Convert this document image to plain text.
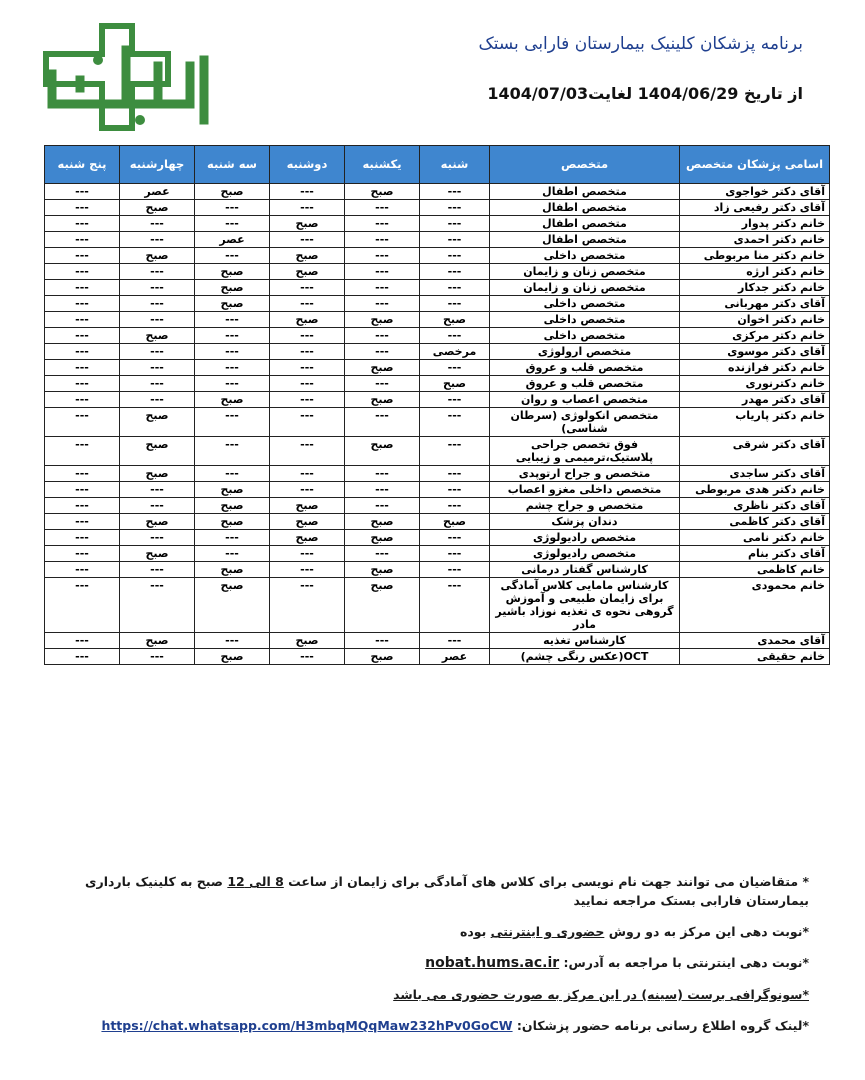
برنامه پزشکان کلینیک بیمارستان فارابی بستک
از تاریخ 1404/06/29 لغایت1404/07/03
اسامی پزشکان متخصص	متخصص	شنبه	یکشنبه	دوشنبه	سه شنبه	چهارشنبه	پنج شنبه
آقای دکتر خواجوی	متخصص اطفال	---	صبح	---	صبح	عصر	---
آقای دکتر رفیعی زاد	متخصص اطفال	---	---	---	---	صبح	---
خانم دکتر پدوار	متخصص اطفال	---	---	صبح	---	---	---
خانم دکتر احمدی	متخصص اطفال	---	---	---	عصر	---	---
خانم دکتر منا مربوطی	متخصص داخلی	---	---	صبح	---	صبح	---
خانم دکتر ارژه	متخصص زنان و زایمان	---	---	صبح	صبح	---	---
خانم دکتر جدکار	متخصص زنان و زایمان	---	---	---	صبح	---	---
آقای دکتر مهربانی	متخصص داخلی	---	---	---	صبح	---	---
خانم دکتر اخوان	متخصص داخلی	صبح	صبح	صبح	---	---	---
خانم دکتر مرکزی	متخصص داخلی	---	---	---	---	صبح	---
آقای دکتر موسوی	متخصص ارولوژی	مرخصی	---	---	---	---	---
خانم دکتر فرازنده	متخصص قلب و عروق	---	صبح	---	---	---	---
خانم دکترنوری	متخصص قلب و عروق	صبح	---	---	---	---	---
آقای دکتر مهدر	متخصص اعصاب و روان	---	صبح	---	صبح	---	---
خانم دکتر پاریاب	متخصص انکولوژی (سرطان شناسی)	---	---	---	---	صبح	---
آقای دکتر شرقی	فوق تخصص جراحی پلاستیک،ترمیمی و زیبایی	---	صبح	---	---	صبح	---
آقای دکتر ساجدی	متخصص و جراح ارتوپدی	---	---	---	---	صبح	---
خانم دکتر هدی مربوطی	متخصص داخلی مغزو اعصاب	---	---	---	صبح	---	---
آقای دکتر ناظری	متخصص و جراح چشم	---	---	صبح	صبح	---	---
آقای دکتر کاظمی	دندان پزشک	صبح	صبح	صبح	صبح	صبح	---
خانم دکتر نامی	متخصص رادیولوژی	---	صبح	صبح	---	---	---
آقای دکتر بنام	متخصص رادیولوژی	---	---	---	---	صبح	---
خانم کاظمی	کارشناس گفتار درمانی	---	صبح	---	صبح	---	---
خانم محمودی	کارشناس مامایی کلاس آمادگی برای زایمان طبیعی و آموزش گروهی نحوه ی تغذیه نوزاد باشیر مادر	---	صبح	---	صبح	---	---
آقای محمدی	کارشناس تغذیه	---	---	صبح	---	صبح	---
خانم حقیقی	OCT(عکس رنگی چشم)	عصر	صبح	---	صبح	---	---
* متقاضیان می توانند جهت نام نویسی برای کلاس های آمادگی برای زایمان از ساعت 8 الی 12 صبح به کلینیک بارداری بیمارستان فارابی بستک مراجعه نمایید
*نوبت دهی این مرکز به دو روش حضوری و اینترنتی بوده
*نوبت دهی اینترنتی با مراجعه به آدرس: nobat.hums.ac.ir
*سونوگرافی برست (سینه) در این مرکز به صورت حضوری می باشد
*لینک گروه اطلاع رسانی برنامه حضور پزشکان: https://chat.whatsapp.com/H3mbqMQqMaw232hPv0GoCW
